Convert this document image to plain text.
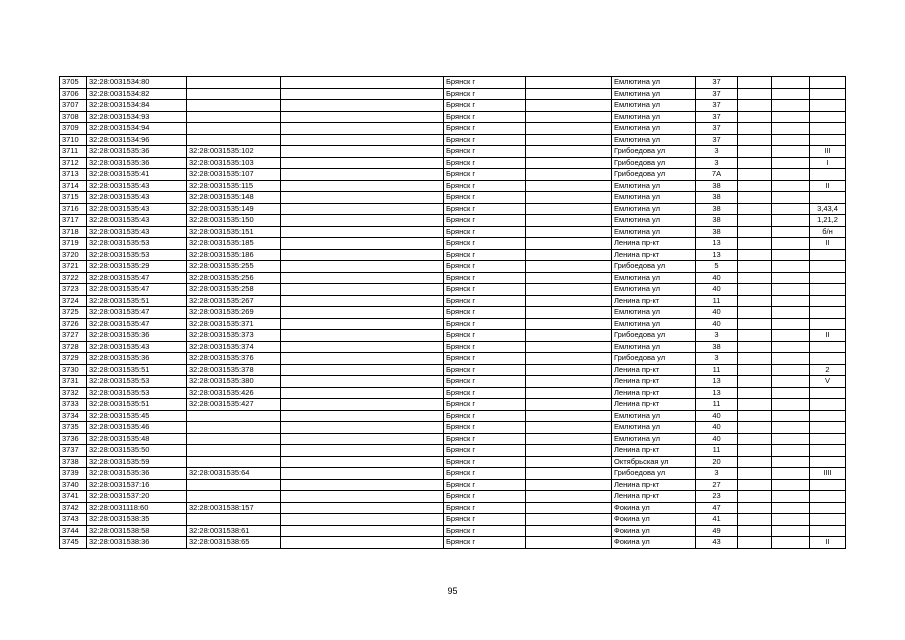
3705	32:28:0031534:80			Брянск г		Емлютина ул	37			
3706	32:28:0031534:82			Брянск г		Емлютина ул	37			
3707	32:28:0031534:84			Брянск г		Емлютина ул	37			
3708	32:28:0031534:93			Брянск г		Емлютина ул	37			
3709	32:28:0031534:94			Брянск г		Емлютина ул	37			
3710	32:28:0031534:96			Брянск г		Емлютина ул	37			
3711	32:28:0031535:36	32:28:0031535:102		Брянск г		Грибоедова ул	3			III
3712	32:28:0031535:36	32:28:0031535:103		Брянск г		Грибоедова ул	3			I
3713	32:28:0031535:41	32:28:0031535:107		Брянск г		Грибоедова ул	7А			
3714	32:28:0031535:43	32:28:0031535:115		Брянск г		Емлютина ул	38			II
3715	32:28:0031535:43	32:28:0031535:148		Брянск г		Емлютина ул	38			
3716	32:28:0031535:43	32:28:0031535:149		Брянск г		Емлютина ул	38			3,43,4
3717	32:28:0031535:43	32:28:0031535:150		Брянск г		Емлютина ул	38			1,21,2
3718	32:28:0031535:43	32:28:0031535:151		Брянск г		Емлютина ул	38			б/н
3719	32:28:0031535:53	32:28:0031535:185		Брянск г		Ленина пр-кт	13			II
3720	32:28:0031535:53	32:28:0031535:186		Брянск г		Ленина пр-кт	13			
3721	32:28:0031535:29	32:28:0031535:255		Брянск г		Грибоедова ул	5			
3722	32:28:0031535:47	32:28:0031535:256		Брянск г		Емлютина ул	40			
3723	32:28:0031535:47	32:28:0031535:258		Брянск г		Емлютина ул	40			
3724	32:28:0031535:51	32:28:0031535:267		Брянск г		Ленина пр-кт	11			
3725	32:28:0031535:47	32:28:0031535:269		Брянск г		Емлютина ул	40			
3726	32:28:0031535:47	32:28:0031535:371		Брянск г		Емлютина ул	40			
3727	32:28:0031535:36	32:28:0031535:373		Брянск г		Грибоедова ул	3			II
3728	32:28:0031535:43	32:28:0031535:374		Брянск г		Емлютина ул	38			
3729	32:28:0031535:36	32:28:0031535:376		Брянск г		Грибоедова ул	3			
3730	32:28:0031535:51	32:28:0031535:378		Брянск г		Ленина пр-кт	11			2
3731	32:28:0031535:53	32:28:0031535:380		Брянск г		Ленина пр-кт	13			V
3732	32:28:0031535:53	32:28:0031535:426		Брянск г		Ленина пр-кт	13			
3733	32:28:0031535:51	32:28:0031535:427		Брянск г		Ленина пр-кт	11			
3734	32:28:0031535:45			Брянск г		Емлютина ул	40			
3735	32:28:0031535:46			Брянск г		Емлютина ул	40			
3736	32:28:0031535:48			Брянск г		Емлютина ул	40			
3737	32:28:0031535:50			Брянск г		Ленина пр-кт	11			
3738	32:28:0031535:59			Брянск г		Октябрьская ул	20			
3739	32:28:0031535:36	32:28:0031535:64		Брянск г		Грибоедова ул	3			IIII
3740	32:28:0031537:16			Брянск г		Ленина пр-кт	27			
3741	32:28:0031537:20			Брянск г		Ленина пр-кт	23			
3742	32:28:0031118:60	32:28:0031538:157		Брянск г		Фокина ул	47			
3743	32:28:0031538:35			Брянск г		Фокина ул	41			
3744	32:28:0031538:58	32:28:0031538:61		Брянск г		Фокина ул	49			
3745	32:28:0031538:36	32:28:0031538:65		Брянск г		Фокина ул	43			II
95
